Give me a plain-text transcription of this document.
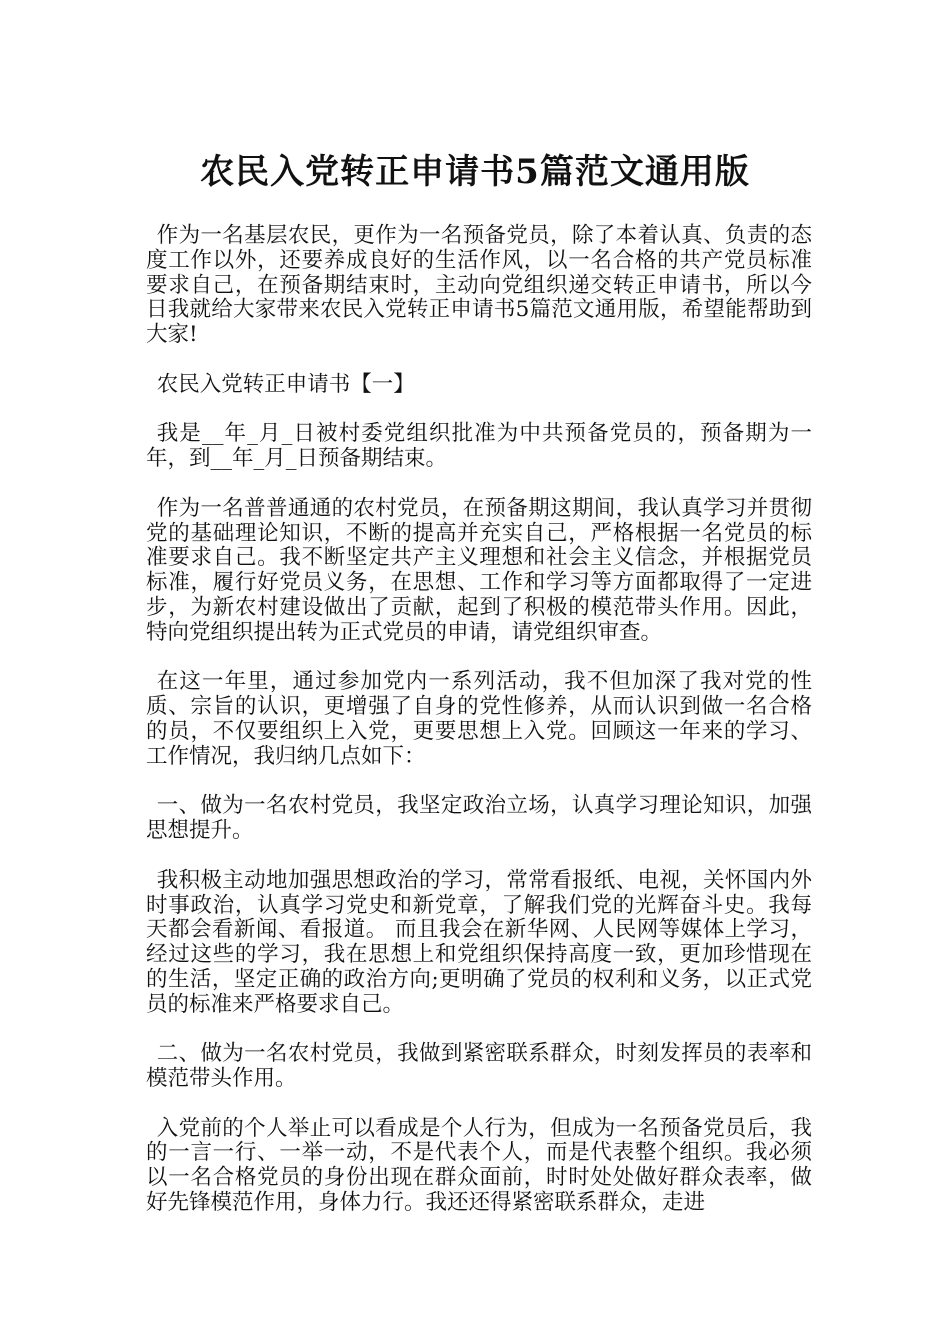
农民入党转正申请书5篇范文通用版

作为一名基层农民，更作为一名预备党员，除了本着认真、负责的态度工作以外，还要养成良好的生活作风，以一名合格的共产党员标准要求自己，在预备期结束时，主动向党组织递交转正申请书，所以今日我就给大家带来农民入党转正申请书5篇范文通用版，希望能帮助到大家!

农民入党转正申请书【一】

我是__年_月_日被村委党组织批准为中共预备党员的，预备期为一年，到__年_月_日预备期结束。

作为一名普普通通的农村党员，在预备期这期间，我认真学习并贯彻党的基础理论知识，不断的提高并充实自己，严格根据一名党员的标准要求自己。我不断坚定共产主义理想和社会主义信念，并根据党员标准，履行好党员义务，在思想、工作和学习等方面都取得了一定进步，为新农村建设做出了贡献，起到了积极的模范带头作用。因此，特向党组织提出转为正式党员的申请，请党组织审查。

在这一年里，通过参加党内一系列活动，我不但加深了我对党的性质、宗旨的认识，更增强了自身的党性修养，从而认识到做一名合格的员，不仅要组织上入党，更要思想上入党。回顾这一年来的学习、工作情况，我归纳几点如下：

一、做为一名农村党员，我坚定政治立场，认真学习理论知识，加强思想提升。

我积极主动地加强思想政治的学习，常常看报纸、电视，关怀国内外时事政治，认真学习党史和新党章，了解我们党的光辉奋斗史。我每天都会看新闻、看报道。 而且我会在新华网、人民网等媒体上学习，经过这些的学习，我在思想上和党组织保持高度一致，更加珍惜现在的生活，坚定正确的政治方向;更明确了党员的权利和义务，以正式党员的标准来严格要求自己。

二、做为一名农村党员，我做到紧密联系群众，时刻发挥员的表率和模范带头作用。

入党前的个人举止可以看成是个人行为，但成为一名预备党员后，我的一言一行、一举一动，不是代表个人，而是代表整个组织。我必须以一名合格党员的身份出现在群众面前，时时处处做好群众表率，做好先锋模范作用，身体力行。我还还得紧密联系群众，走进
